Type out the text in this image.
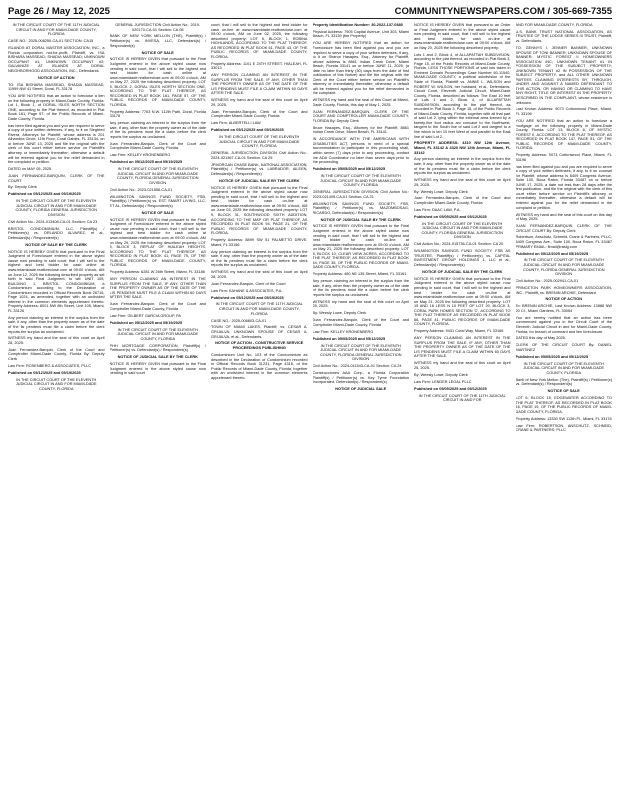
Page 26 / May 12, 2025	COMMUNITYNEWSPAPERS.COM / 305-669-7355

IN THE CIRCUIT COURT OF THE 11TH JUDICIAL CIRCUIT IN AND FOR MIAMI-DADE COUNTY, FLORIDA

CASE NO.: 2025-008250-CA-01 SECTION: CA15

ISLANDS AT DORAL MASTER ASSOCIATION, INC., a Florida corporation not-for-profit, Plaintiff, vs. ISA BISHARA MASSEAD; SHADIA MASSEAD; UNKNOWN OCCUPANT #1; UNKNOWN OCCUPANT #2; GALVANIZE AT ISLANDS AT DORAL NEIGHBORHOOD ASSOCIATION, INC., Defendants.

NOTICE OF ACTION

TO: ISA BISHARA MASSEAD, SHADIA MASSEAD, 11959 NW 41 Street, Doral, FL 33178

YOU ARE NOTIFIED that an action to foreclose a lien on the following property in Miami-Dade County, Florida: Lot 1, Block 1, of DORAL ISLES NORTH SECTION ONE, according to the Plat thereof, as recorded in Plat Book 161, Page 57, of the Public Records of Miami-Dade County, Florida.

has been filed against you and you are required to serve a copy of your written defenses, if any, to it on Siegfried Rivera, Attorneys for Plaintiff, whose address is 201 Alhambra Circle, 11th Floor, Coral Gables, FL 33134, on or before JUNE 13, 2025 and file the original with the clerk of this court either before service on Plaintiff's attorney or immediately thereafter; otherwise a default will be entered against you for the relief demanded in the complaint or petition.

DATED on MAY 05, 2025

JUAN FERNANDEZ-BARQUIN, CLERK OF THE COURT

By: Deputy Clerk

Published on 05/12/2025 and 05/19/2025

IN THE CIRCUIT COURT OF THE ELEVENTH JUDICIAL CIRCUIT IN AND FOR MIAMI-DADE COUNTY, FLORIDA GENERAL JURISDICTION DIVISION

Civil Action No.: 2024-013408-CA-01 Section: CA 23

BRISTOL CONDOMINIUM, LLC, Plaintiff(s) / Petitioner(s) vs. ORLANDO ALVAREZ, et al., Defendant(s) / Respondent(s)

NOTICE OF SALE BY THE CLERK

NOTICE IS HEREBY GIVEN that pursuant to the Final Judgment of Foreclosure entered in the above styled cause now pending in said court, that I will sell to the highest and best bidder for cash online at www.miamidade.realforeclose.com at 09:00 o'clock, AM on June 12, 2025 the following described property as set forth in said Final Judgment, to wit: UNIT 105, BUILDING 1, BRISTOL CONDOMINIUM, a Condominium according to the Declaration of Condominium recorded in Official Records Book 26715, Page 1024, as amended, together with an undivided interest in the common elements appurtenant thereto. Property Address: 8001 NW 8th Street, Unit 105, Miami, FL 33126

Any person claiming an interest in the surplus from the sale, if any, other than the property owner as of the date of the lis pendens must file a claim before the clerk reports the surplus as unclaimed.

WITNESS my hand and the seal of this court on April 28, 2025.

Juan Fernandez-Barquin, Clerk of the Court and Comptroller Miami-Dade County, Florida By: Deputy Clerk

Law Firm: ROSENBERG & ASSOCIATES, PLLC

Published on 05/12/2025 and 05/19/2025

IN THE CIRCUIT COURT OF THE ELEVENTH JUDICIAL CIRCUIT IN AND FOR MIAMI-DADE COUNTY, FLORIDA

GENERAL JURISDICTION Civil Action No.: 2019-020170-CA-01 Section: CA 08

BANK OF NEW YORK MELLON (THE), Plaintiff(s) / Petitioner(s) vs. INVESA, LLC, Defendant(s) / Respondent(s)

NOTICE OF SALE

NOTICE IS HEREBY GIVEN that pursuant to the Final Judgment entered in the above styled cause now pending in said court, that I will sell to the highest and best bidder for cash online at www.miamidade.realforeclose.com at 09:00 o'clock, AM on May 27, 2025 the following described property: LOT 8, BLOCK 2, DORAL ISLES NORTH SECTION ONE, ACCORDING TO THE PLAT THEREOF, AS RECORDED IN PLAT BOOK 161, PAGE 57, OF THE PUBLIC RECORDS OF MIAMI-DADE COUNTY, FLORIDA.

Property Address: 7763 N.W. 112th Path, Doral, Florida 33178

Any person claiming an interest in the surplus from the sale, if any, other than the property owner as of the date of the lis pendens must file a claim before the clerk reports the surplus as unclaimed.

Juan Fernandez-Barquin, Clerk of the Court and Comptroller Miami-Dade County, Florida

Law Firm: KELLEY KRONENBERG

Published on 05/12/2025 and 05/19/2025

IN THE CIRCUIT COURT OF THE ELEVENTH JUDICIAL CIRCUIT IN AND FOR MIAMI-DADE COUNTY, FLORIDA GENERAL JURISDICTION DIVISION

Civil Action No.: 2023-021556-CA-01

WILMINGTON SAVINGS FUND SOCIETY, FSB, Plaintiff(s) / Petitioner(s) vs. EST. SMART LIVING, LLC, ET AL, Defendant(s) / Respondent(s)

NOTICE OF SALE

NOTICE IS HEREBY GIVEN that pursuant to the Final Judgment of Foreclosure entered in the above styled cause now pending in said court, that I will sell to the highest and best bidder for cash online at www.miamidade.realforeclose.com at 09:00 o'clock, AM on May 29, 2025 the following described property: LOT 5, BLOCK 3, REPLAT OF HIALEAH HEIGHTS, ACCORDING TO THE PLAT THEREOF, AS RECORDED IN PLAT BOOK 41, PAGE 75, OF THE PUBLIC RECORDS OF MIAMI-DADE COUNTY, FLORIDA.

Property Address: 6281 W 26th Street, Miami, FL 33186

ANY PERSON CLAIMING AN INTEREST IN THE SURPLUS FROM THE SALE, IF ANY, OTHER THAN THE PROPERTY OWNER AS OF THE DATE OF THE LIS PENDENS MUST FILE A CLAIM WITHIN 60 DAYS AFTER THE SALE.

Juan Fernandez-Barquin, Clerk of the Court and Comptroller Miami-Dade County, Florida

Law Firm: GILBERT GARCIA GROUP, PA

Published on 05/12/2025 and 05/19/2025

IN THE CIRCUIT COURT OF THE ELEVENTH JUDICIAL CIRCUIT IN AND FOR MIAMI-DADE COUNTY, FLORIDA

PHH MORTGAGE CORPORATION, Plaintiff(s) / Petitioner(s) vs. Defendant(s) / Respondent(s)

NOTICE OF JUDICIAL SALE BY THE CLERK

NOTICE IS HEREBY GIVEN that pursuant to the Final Judgment entered in the above styled cause now pending in said court

court, that I will sell to the highest and best bidder for cash on-line at www.miamidade.realforeclose.com at 09:00 o'clock, AM on June 02, 2025, the following described property: LOT 5, BLOCK 1, ROBINA HIGHLANDS, ACCORDING TO THE PLAT THEREOF, AS RECORDED IN PLAT BOOK 61, PAGE 43, OF THE PUBLIC RECORDS OF MIAMI-DADE COUNTY, FLORIDA.

Property Address: 1101 E 24TH STREET, HIALEAH, FL 33013

ANY PERSON CLAIMING AN INTEREST IN THE SURPLUS FROM THE SALE, IF ANY, OTHER THAN THE PROPERTY OWNER AS OF THE DATE OF THE LIS PENDENS MUST FILE A CLAIM WITHIN 60 DAYS AFTER THE SALE.

WITNESS my hand and the seal of this court on April 29, 2025.

Juan Fernandez-Barquin, Clerk of the Court and Comptroller Miami-Dade County, Florida

Law Firm: ALBERTELLI LAW

Published on 05/12/2025 and 05/19/2025

IN THE CIRCUIT COURT OF THE ELEVENTH JUDICIAL CIRCUIT IN AND FOR MIAMI-DADE COUNTY, FLORIDA

GENERAL JURISDICTION DIVISION Civil Action No.: 2024-021367-CA-01 Section: CA 25

JPMORGAN CHASE BANK, NATIONAL ASSOCIATION, Plaintiff(s) / Petitioner(s) vs. LABRADOR, AILEEN, Defendant(s) / Respondent(s)

NOTICE OF JUDICIAL SALE BY THE CLERK

NOTICE IS HEREBY GIVEN that pursuant to the Final Judgment entered in the above styled cause now pending in said court, that I will sell to the highest and best bidder for cash on-line at www.miamidade.realforeclose.com at 09:00 o'clock, AM on June 03, 2025 the following described property: LOT 9, BLOCK 31, SOUTHWOOD SIXTH ADDITION, ACCORDING TO THE MAP OR PLAT THEREOF, AS RECORDED IN PLAT BOOK 94, PAGE 21, OF THE PUBLIC RECORDS OF MIAMI-DADE COUNTY, FLORIDA.

Property Address: 8899 SW 51 PALMETTO DRIVE, Miami, FL 33156

Any person claiming an interest in the surplus from the sale, if any, other than the property owner as of the date of the lis pendens must file a claim before the clerk reports the surplus as unclaimed.

WITNESS my hand and the seal of this court on April 28, 2025.

Juan Fernandez-Barquin, Clerk of the Court

Law Firm: KAHANE & ASSOCIATES, P.A.

Published on 05/12/2025 and 05/19/2025

IN THE CIRCUIT COURT OF THE 11TH JUDICIAL CIRCUIT IN AND FOR MIAMI-DADE COUNTY, FLORIDA

CASE NO.: 2025-006803-CA-01

TOWN OF MIAMI LAKES, Plaintiff, vs. CESAR A. GRIJALVA; UNKNOWN SPOUSE OF CESAR A. GRIJALVA, et al., Defendants.

NOTICE OF ACTION - CONSTRUCTIVE SERVICE PROCEEDINGS PUBLISHING

Condominium Unit No. 103 of the Condominium as described in the Declaration of Condominium recorded in Official Records Book 31231, Page 4316, of the Public Records of Miami-Dade County, Florida, together with an undivided interest in the common elements appurtenant thereto.

Property Identification Number: 30-2022-137-0880

Physical Address: 7905 Capital Avenue, Unit 303, Miami Beach, FL 33139 (the Property)

YOU ARE HEREBY NOTIFIED that an action for Foreclosure has been filed against you and you are required to serve a copy of your written defenses, if any, to it on Sharon Hasapes, Esq., Attorney for Plaintiff, whose address is 8861 Indian Creek Drive, Miami Beach, Florida 33141 on or before JUNE 11, 2025, (a date no later than thirty (30) days from the date of first publication of this Notice) and file the original with the Clerk of the Court either before service on Plaintiff's attorney or immediately thereafter; otherwise a default will be entered against you for the relief demanded in the complaint.

WITNESS my hand and the seal of this Court at Miami-Dade County, Florida, this day of May 1, 2025.

JUAN FERNANDEZ-BARQUIN, CLERK OF THE COURT AND COMPTROLLER MIAMI-DADE COUNTY, FLORIDA By: Deputy Clerk

Bruce Hasapes, Esq., Attorney for the Plaintiff, 8861 Indian Creek Drive, Miami Beach, FL 33141

IN ACCORDANCE WITH THE AMERICANS WITH DISABILITIES ACT, persons in need of a special accommodation to participate in this proceeding shall, within seven (7) days prior to any proceeding, contact the ADA Coordinator no later than seven days prior to the proceeding.

Published on 05/05/2025 and 05/12/2025

IN THE CIRCUIT COURT OF THE ELEVENTH JUDICIAL CIRCUIT IN AND FOR MIAMI-DADE COUNTY, FLORIDA

GENERAL JURISDICTION DIVISION Civil Action No.: 2023-021409-CA-01 Section: CA 31

WILMINGTON SAVINGS FUND SOCIETY, FSB, Plaintiff(s) / Petitioner(s) vs. MAZOMBOSAG, RICARDO, Defendant(s) / Respondent(s)

NOTICE OF JUDICIAL SALE BY THE CLERK

NOTICE IS HEREBY GIVEN that pursuant to the Final Judgment entered in the above styled cause now pending in said court, that I will sell to the highest and best bidder for cash on-line at www.miamidade.realforeclose.com at 09:00 o'clock, AM on May 21, 2025 the following described property: LOT 8, BLOCK 10, CLEAR VIEW ACRES, ACCORDING TO THE PLAT THEREOF, AS RECORDED IN PLAT BOOK 44, PAGE 35, OF THE PUBLIC RECORDS OF MIAMI-DADE COUNTY, FLORIDA.

Property Address: 480 NE 135 Street, Miami, FL 33161

Any person claiming an interest in the surplus from the sale, if any, other than the property owner as of the date of the lis pendens must file a claim before the clerk reports the surplus as unclaimed.

WITNESS my hand and the seal of this court on April 25, 2025.

By: Weesly Lowe, Deputy Clerk

Juan Fernandez-Barquin, Clerk of the Court and Comptroller Miami-Dade County, Florida

Law Firm: KELLEY KRONENBERG

Published on 05/05/2025 and 05/12/2025

IN THE CIRCUIT COURT OF THE ELEVENTH JUDICIAL CIRCUIT IN AND FOR MIAMI-DADE COUNTY, FLORIDA GENERAL JURISDICTION DIVISION

Civil Action No.: 2024-011543-CA-01 Section: CA 24

Construcciones AAA Corp., a Florida Corporation Plaintiff(s) / Petitioner(s) vs. Key Tyme Foundation Incorporated, Defendant(s) / Respondent(s)

NOTICE OF JUDICIAL SALE

NOTICE IS HEREBY GIVEN that pursuant to an Order or Final Judgment entered in the above styled cause now pending in said court, that I will sell to the highest and best bidder for cash on-line at www.miamidade.realforeclose.com at 09:00 o'clock, AM on May 20, 2025 the following described property:

Lots 1 and 2, Block 4, of ALLAPATTAH SUBDIVISION, according to the plat thereof, as recorded in Plat Book 3, Page 15, of the Public Records of Miami-Dade County, Florida, LESS THOSE PORTIONS of said lots taken in Eminent Domain Proceedings Case Number 60-11540, MIAMI-DADE COUNTY, a political subdivision of the State of Florida, Plaintiff vs. ANNIE L. WILSON and ROBERT W. WILSON, her husband, et al., Defendants, Circuit Court, Eleventh Judicial Circuit, Miami-Dade County, Florida, described as follows: The East 10 feet of Lots 1 and 2, Block 4, of ALLAPATTAH SUBDIVISION, according to the plat thereof, as recorded in Plat Book 3, Page 15, of the Public Records of Miami-Dade County, Florida, together with all that part of said Lot 2, lying within the external area formed by a twenty-five foot radius arc concave to the Northwest, tangent to the South line of said Lot 2 and tangent to a line which is ten 10 feet West of and parallel to the East line of said Lot 2.

PROPERTY ADDRESS: 4310 NW 12th Avenue, Miami, FL 33142 & 4320 NW 12th Avenue, Miami, FL 33142

Any person claiming an interest in the surplus from the sale, if any, other than the property owner as of the date of the lis pendens must file a claim before the clerk reports the surplus as unclaimed.

WITNESS my hand and the seal of this court on April 25, 2025.

By: Weesly Lowe, Deputy Clerk

Juan Fernandez-Barquin, Clerk of the Court and Comptroller Miami-Dade County, Florida

Law Firm: DAAC LAW, P.A.

Published on 05/05/2025 and 05/12/2025

IN THE CIRCUIT COURT OF THE ELEVENTH JUDICIAL CIRCUIT IN AND FOR MIAMI-DADE COUNTY, FLORIDA GENERAL JURISDICTION DIVISION

Civil Action No.: 2024-015736-CA-01 Section: CA 20

WILMINGTON SAVINGS FUND SOCIETY, FSB AS TRUSTEE, Plaintiff(s) / Petitioner(s) vs. CAPITAL INVESTMENT GROUP HOLDINGS 1, LLC et al., Defendant(s) / Respondent(s)

NOTICE OF JUDICIAL SALE BY THE CLERK

NOTICE IS HEREBY GIVEN that pursuant to the Final Judgment entered in the above styled cause now pending in said court, that I will sell to the highest and best bidder for cash on-line at www.miamidade.realforeclose.com at 09:00 o'clock, AM on May 21, 2025 the following described property: LOT 15 AND 16 LESS N 10 FEET OF LOT 20, BLOCK 3, CORAL PARK HOMES SECTION 'C', ACCORDING TO THE PLAT THEREOF AS RECORDED IN PLAT BOOK 66, PAGE 41, PUBLIC RECORDS OF MIAMI-DADE COUNTY, FLORIDA.

Property Address: 9431 Coral Way, Miami, FL 33165

ANY PERSON CLAIMING AN INTEREST IN THE SURPLUS FROM THE SALE, IF ANY, OTHER THAN THE PROPERTY OWNER AS OF THE DATE OF THE LIS PENDENS MUST FILE A CLAIM WITHIN 60 DAYS AFTER THE SALE.

WITNESS my hand and the seal of this court on April 25, 2025.

By: Weesly Lowe, Deputy Clerk

Law Firm: LENDER LEGAL PLLC

Published on 05/05/2025 and 05/12/2025

IN THE CIRCUIT COURT OF THE 11TH JUDICIAL CIRCUIT IN AND FOR

AND FOR MIAMI-DADE COUNTY, FLORIDA

U.S. BANK TRUST NATIONAL ASSOCIATION, AS TRUSTEE OF THE LODGE SERIES III TRUST, Plaintiff, vs. Defendants.

TO: GENNYS I. JENNER BANNER, UNKNOWN SPOUSE OF TONI BANNER; UNKNOWN SPOUSE OF BANNER; MYSTIC FOREST II HOMEOWNERS ASSOCIATION INC; UNKNOWN TENANT #1 IN POSSESSION OF THE SUBJECT PROPERTY; UNKNOWN TENANT #2 IN POSSESSION OF THE SUBJECT PROPERTY, and ALL OTHER UNKNOWN PARTIES CLAIMING INTERESTS BY, THROUGH, UNDER AND AGAINST A NAMED DEFENDANT TO THIS ACTION, OR HAVING OR CLAIMING TO HAVE ANY RIGHT, TITLE OR INTEREST IN THE PROPERTY DESCRIBED IN THE COMPLAINT, whose residence is unknown.

Last Known Address: 9073 Cottonwood Place, Miami, FL 33196

YOU ARE NOTIFIED that an action to foreclose a mortgage on the following property in Miami-Dade County, Florida: LOT 13, BLOCK 6, OF MYSTIC FOREST II, ACCORDING TO THE PLAT THEREOF, AS RECORDED IN PLAT BOOK 147, PAGE 51, OF THE PUBLIC RECORDS OF MIAMI-DADE COUNTY, FLORIDA.

Property Address: 9073 Cottonwood Place, Miami, FL 33196

has been filed against you and you are required to serve a copy of your written defenses, if any, to it on counsel for Plaintiff, whose address is 6409 Congress Avenue, Suite 100, Boca Raton, Florida 33487 on or before JUNE 17, 2025, a date not less than 28 days after the first publication, and file the original with the clerk of this court either before service on Plaintiff's attorney or immediately thereafter; otherwise a default will be entered against you for the relief demanded in the complaint or petition.

WITNESS my hand and the seal of this court on this day of May, 2025.

JUAN FERNANDEZ-BARQUIN CLERK OF THE CIRCUIT COURT By: Deputy Clerk

Robertson, Anschutz, Schneid, Crane & Partners, PLLC, 6409 Congress Ave., Suite 100, Boca Raton, FL 33487 PRIMARY EMAIL: flmail@raslg.com

Published on 05/12/2025 and 05/19/2025

IN THE CIRCUIT COURT OF THE ELEVENTH JUDICIAL CIRCUIT IN AND FOR MIAMI-DADE COUNTY, FLORIDA GENERAL JURISDICTION DIVISION

Civil Action No.: 2025-002941-CA-01

PRINCETON PARK HOMEOWNERS ASSOCIATION, INC., Plaintiff, vs. BRENIN ARCHIE, Defendant.

NOTICE OF ACTION

To: BRENIN ARCHIE, Last Known Address: 13888 NW 20 Ct., Miami Gardens, FL 33054

You are hereby notified that an action has been commenced against you in the Circuit Court of the Eleventh Judicial Circuit in and for Miami-Dade County, Florida, for breach of covenant and lien foreclosure.

DATED this day of May 2025.

CLERK OF THE CIRCUIT COURT By: DANIEL MARTINEZ

Published on 05/05/2025 and 05/12/2025

IN THE CIRCUIT COURT OF THE ELEVENTH JUDICIAL CIRCUIT IN AND FOR MIAMI-DADE COUNTY, FLORIDA

Bank of New York Mellon (The), Plaintiff(s) / Petitioner(s) vs. Defendant(s) / Respondent(s)

NOTICE OF SALE

LOT 6, BLOCK 15, EDGEWATER ACCORDING TO THE PLAT THEREOF, AS RECORDED IN PLAT BOOK 16, PAGE 19, OF THE PUBLIC RECORDS OF MIAMI-DADE COUNTY, FLORIDA.

Property Address: 13330 SW 112th Pl., Miami, FL 33176

Law Firm: ROBERTSON, ANSCHUTZ, SCHNEID, CRANE & PARTNERS, PLLC
